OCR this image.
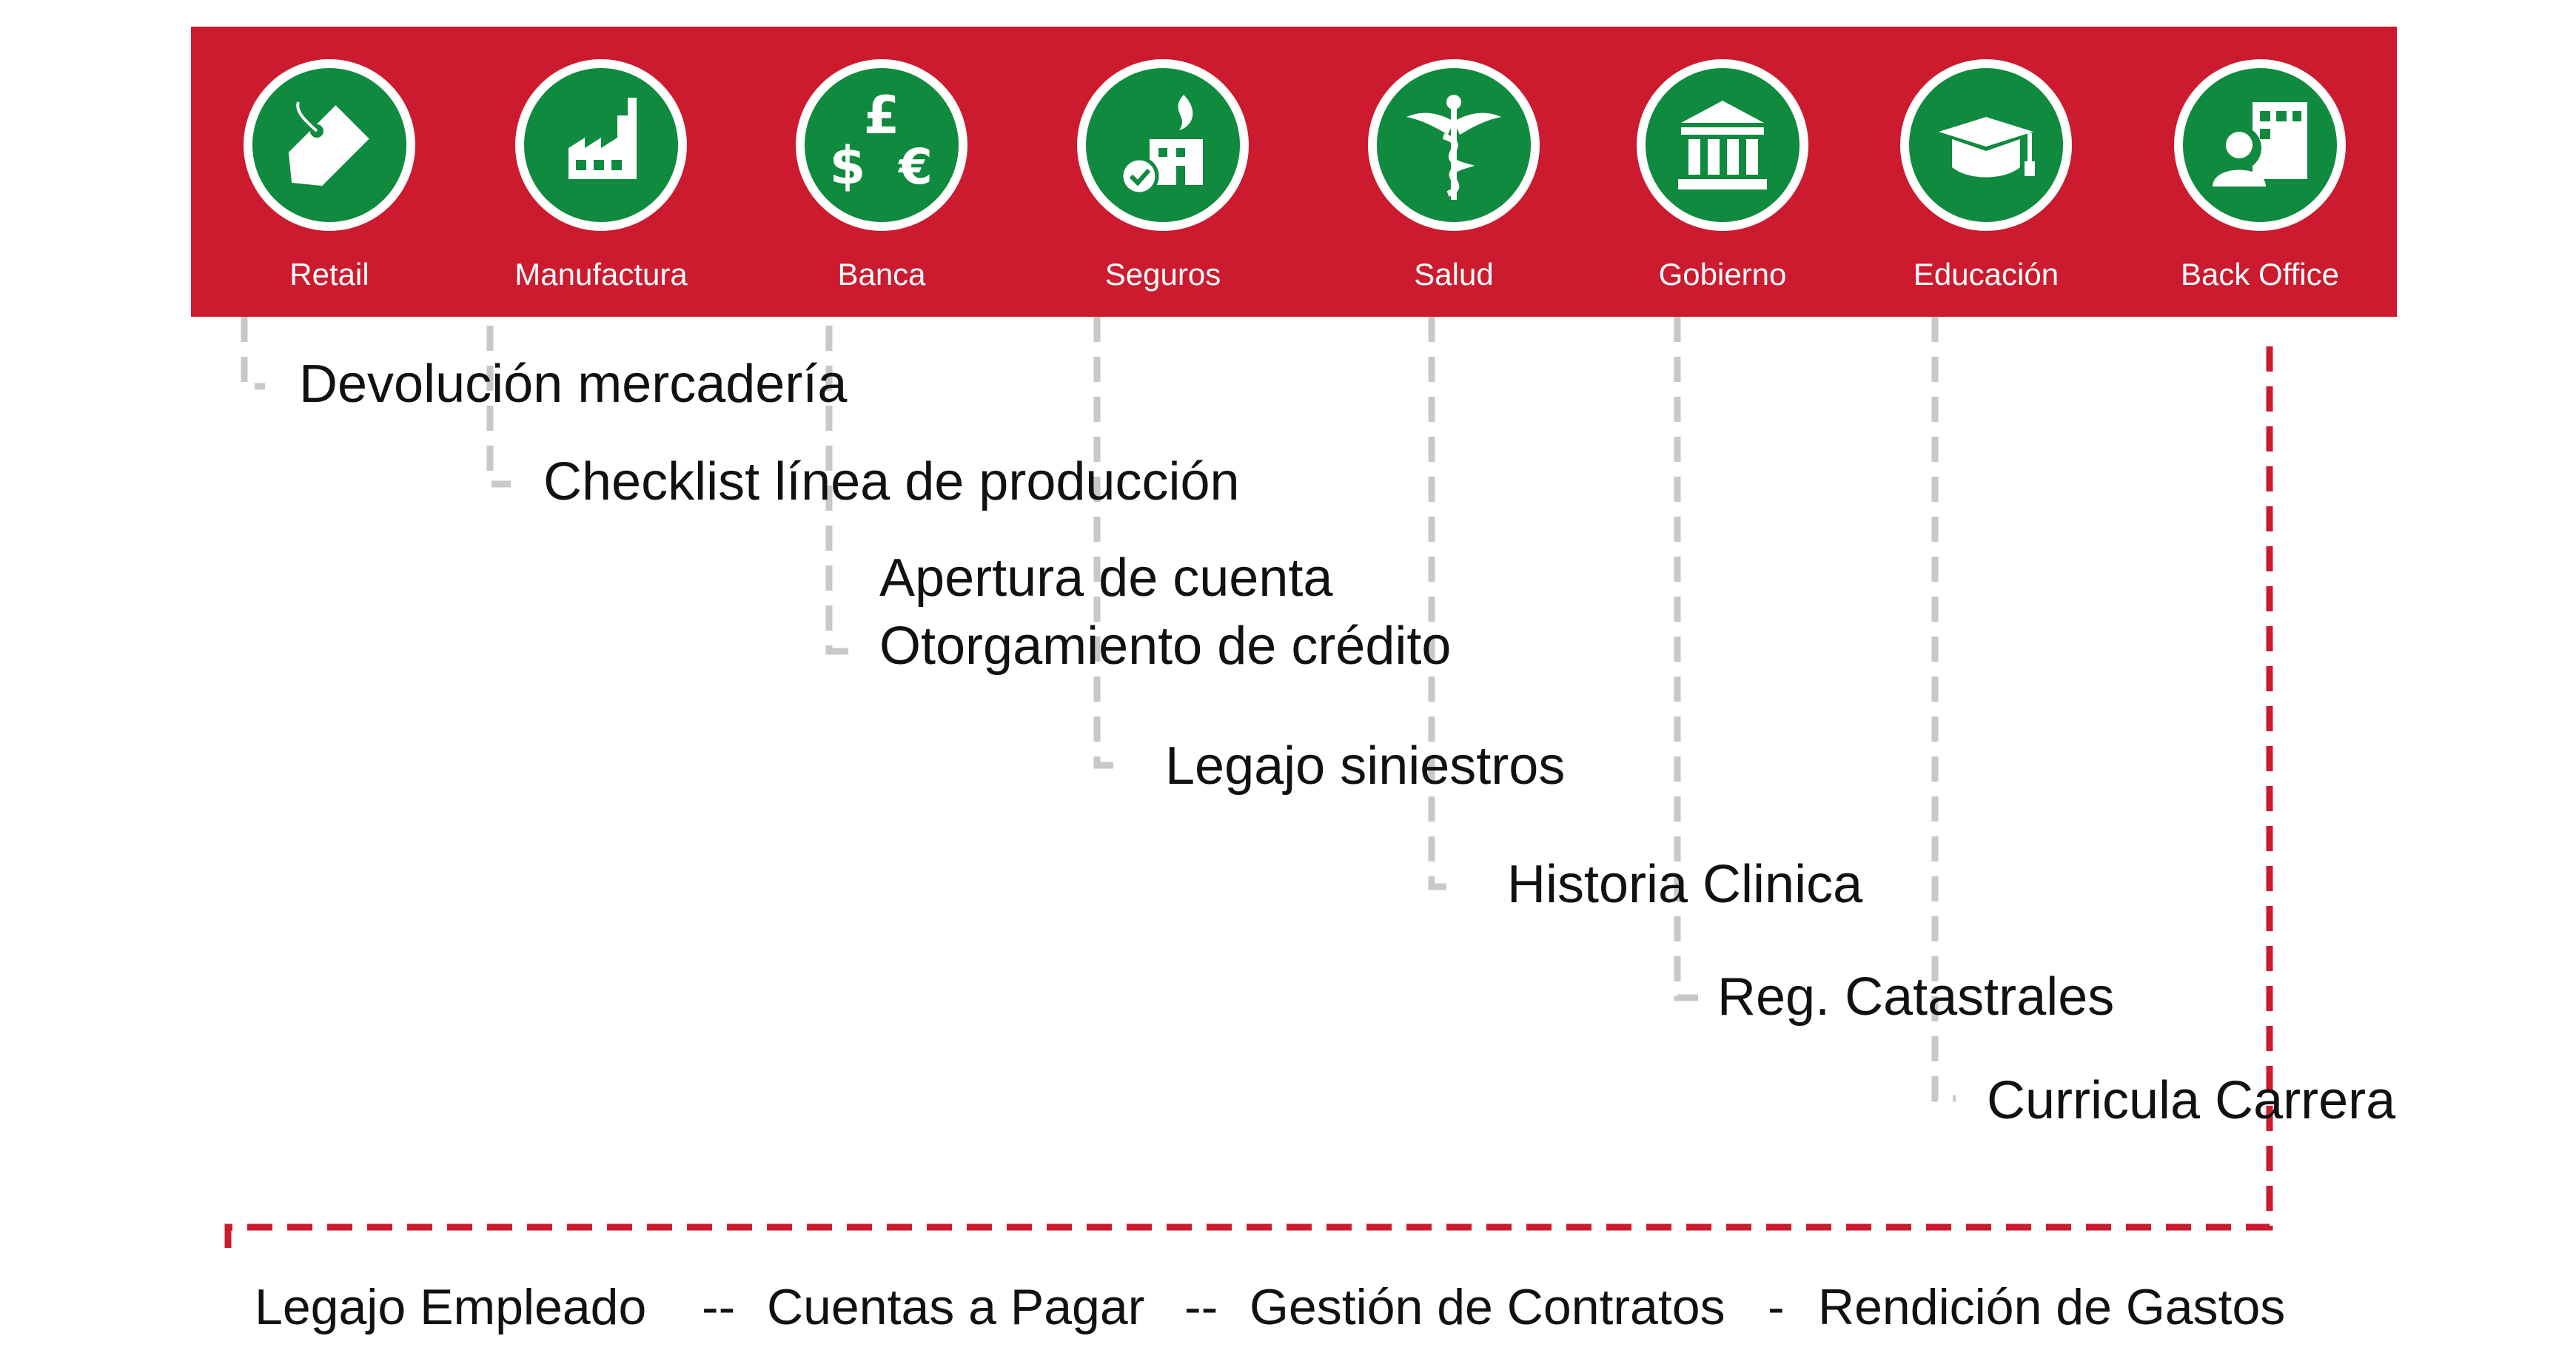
Retail	Manufactura
£
$ €
Banca	Seguros	Salud	Gobierno	Educación	Back Office
Devolución mercadería
Checklist línea de producción
Apertura de cuenta
Otorgamiento de crédito
Legajo siniestros
Historia Clinica
Reg. Catastrales
Curricula Carrera
Legajo Empleado -- Cuentas a Pagar -- Gestión de Contratos - Rendición de Gastos
